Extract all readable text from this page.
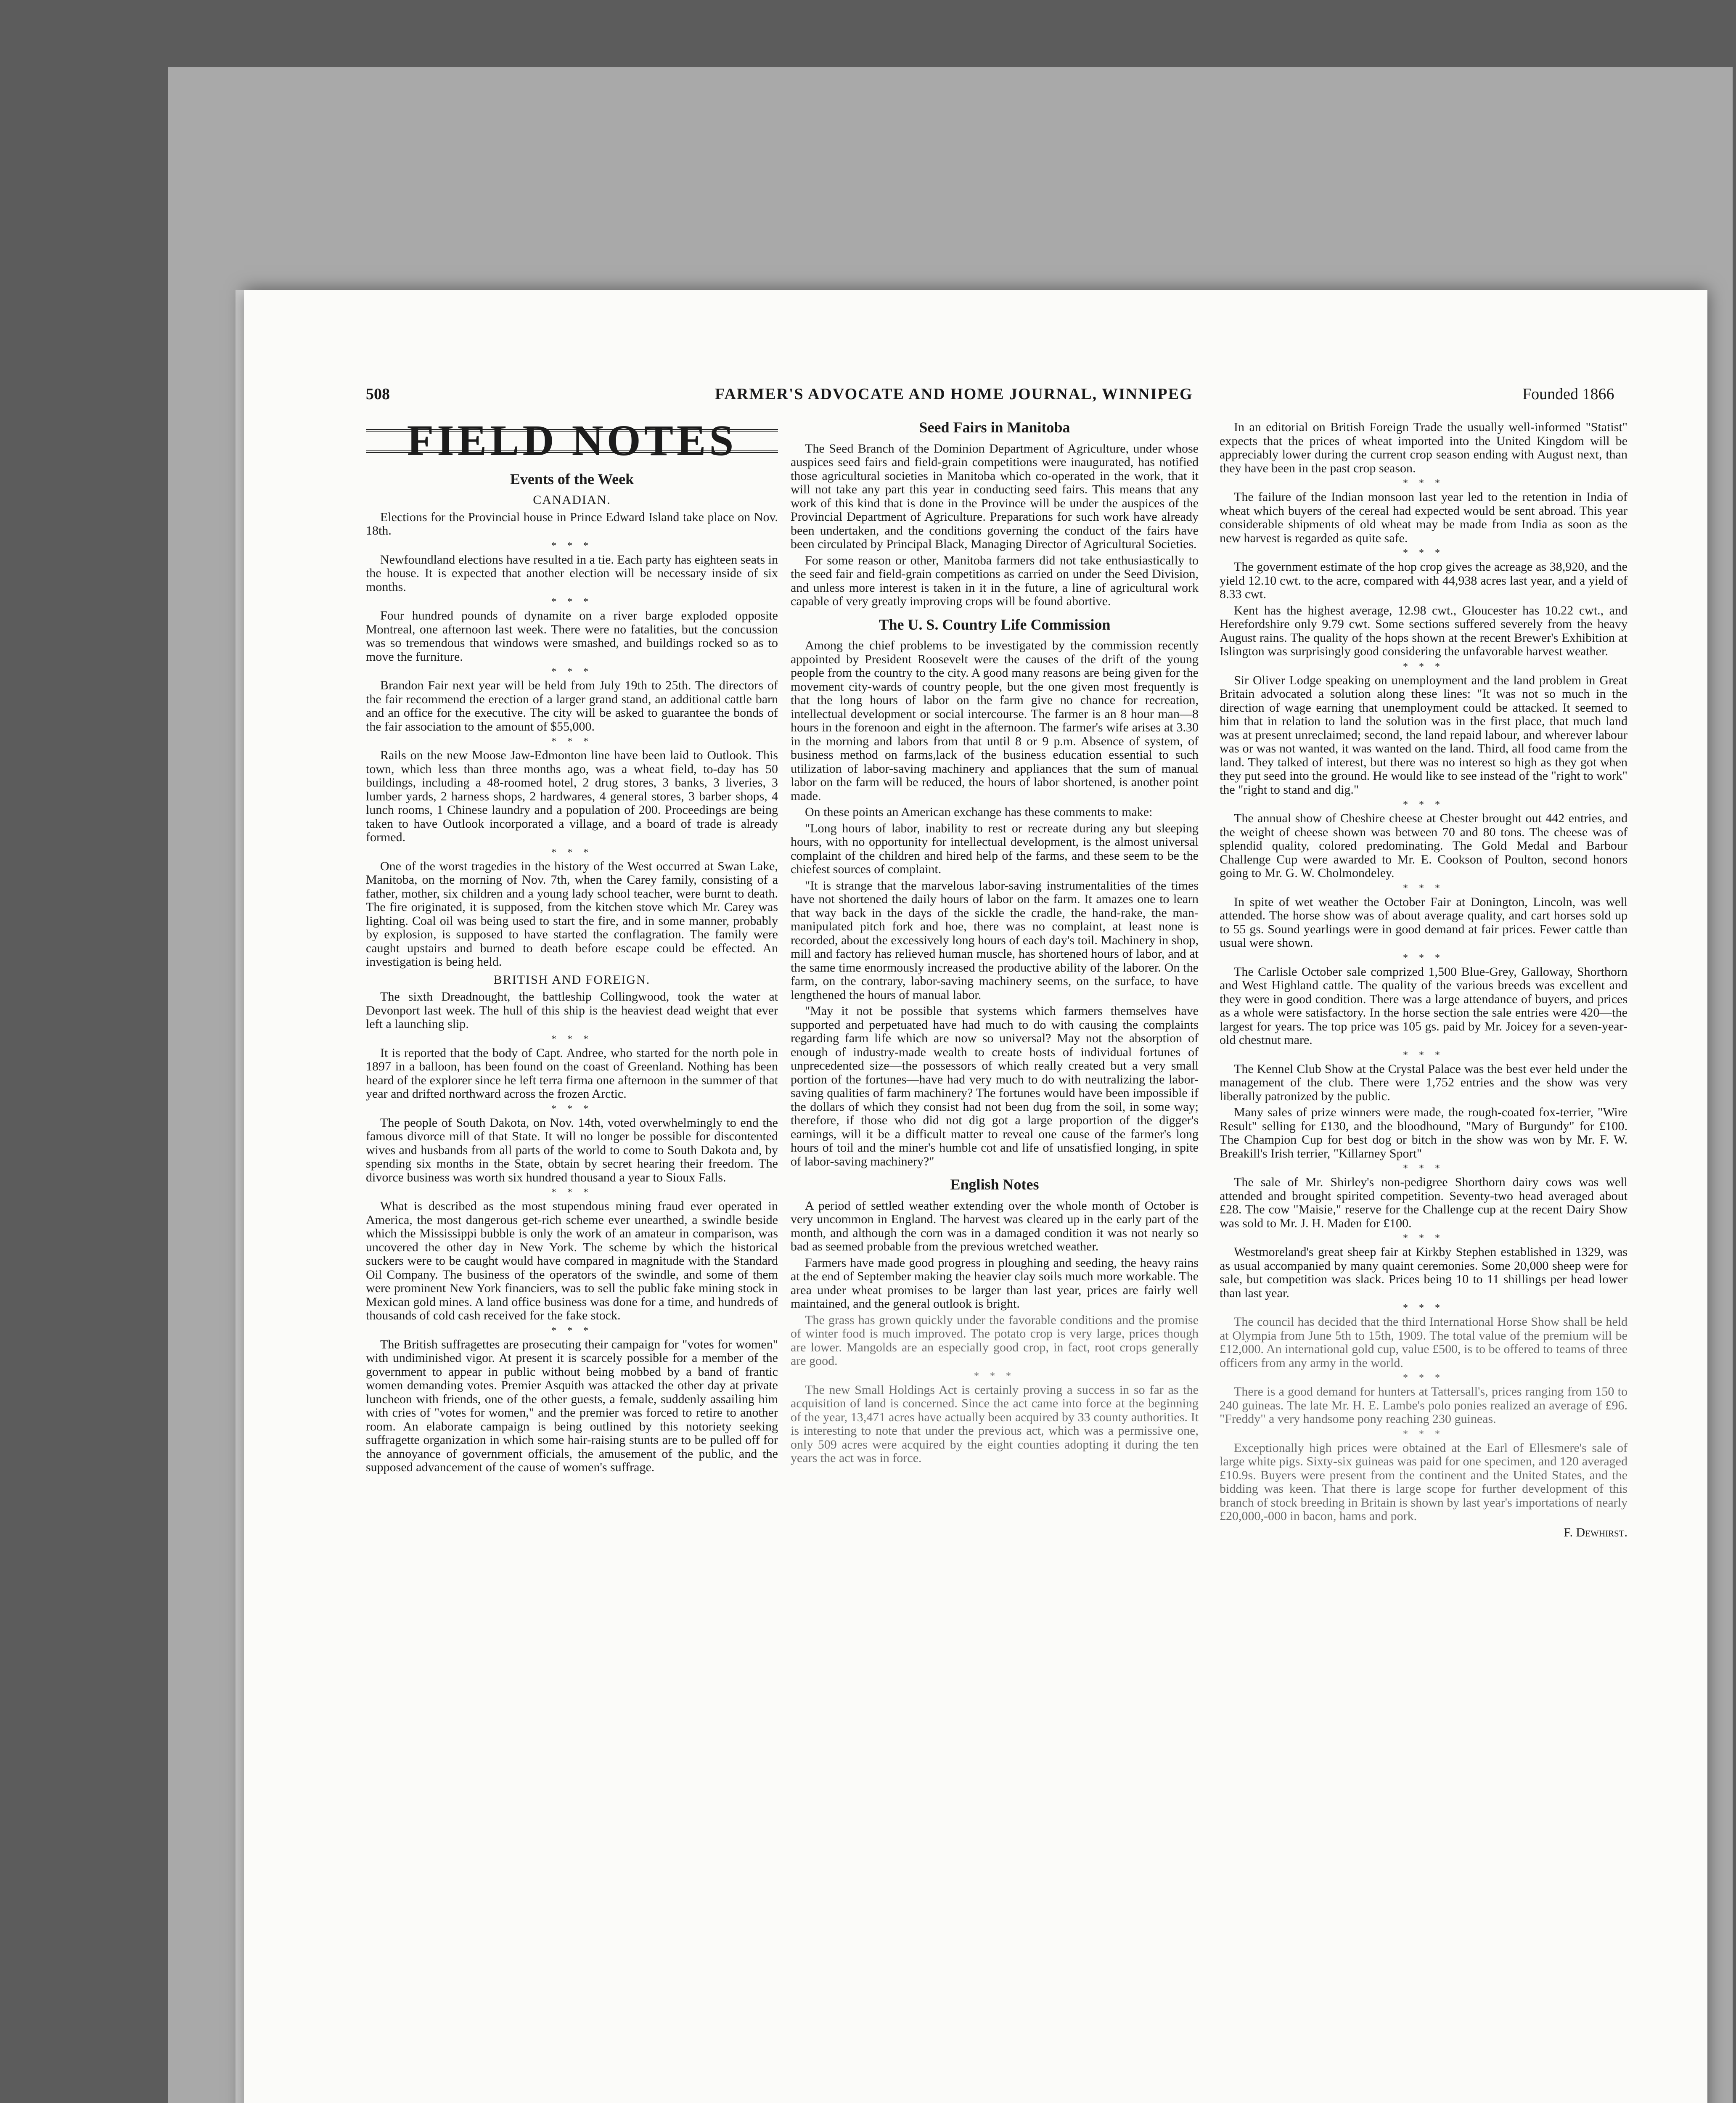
508	FARMER'S ADVOCATE AND HOME JOURNAL, WINNIPEG	Founded 1866
FIELD NOTES
Events of the Week
CANADIAN.

Elections for the Provincial house in Prince Edward Island take place on Nov. 18th.

* * *

Newfoundland elections have resulted in a tie. Each party has eighteen seats in the house. It is expected that another election will be necessary inside of six months.

* * *

Four hundred pounds of dynamite on a river barge exploded opposite Montreal, one afternoon last week. There were no fatalities, but the concussion was so tremendous that windows were smashed, and buildings rocked so as to move the furniture.

* * *

Brandon Fair next year will be held from July 19th to 25th. The directors of the fair recommend the erection of a larger grand stand, an additional cattle barn and an office for the executive. The city will be asked to guarantee the bonds of the fair association to the amount of $55,000.

* * *

Rails on the new Moose Jaw-Edmonton line have been laid to Outlook. This town, which less than three months ago, was a wheat field, to-day has 50 buildings, including a 48-roomed hotel, 2 drug stores, 3 banks, 3 liveries, 3 lumber yards, 2 harness shops, 2 hardwares, 4 general stores, 3 barber shops, 4 lunch rooms, 1 Chinese laundry and a population of 200. Proceedings are being taken to have Outlook incorporated a village, and a board of trade is already formed.

* * *

One of the worst tragedies in the history of the West occurred at Swan Lake, Manitoba, on the morning of Nov. 7th, when the Carey family, consisting of a father, mother, six children and a young lady school teacher, were burnt to death. The fire originated, it is supposed, from the kitchen stove which Mr. Carey was lighting. Coal oil was being used to start the fire, and in some manner, probably by explosion, is supposed to have started the conflagration. The family were caught upstairs and burned to death before escape could be effected. An investigation is being held.

BRITISH AND FOREIGN.

The sixth Dreadnought, the battleship Collingwood, took the water at Devonport last week. The hull of this ship is the heaviest dead weight that ever left a launching slip.

* * *

It is reported that the body of Capt. Andree, who started for the north pole in 1897 in a balloon, has been found on the coast of Greenland. Nothing has been heard of the explorer since he left terra firma one afternoon in the summer of that year and drifted northward across the frozen Arctic.

* * *

The people of South Dakota, on Nov. 14th, voted overwhelmingly to end the famous divorce mill of that State. It will no longer be possible for discontented wives and husbands from all parts of the world to come to South Dakota and, by spending six months in the State, obtain by secret hearing their freedom. The divorce business was worth six hundred thousand a year to Sioux Falls.

* * *

What is described as the most stupendous mining fraud ever operated in America, the most dangerous get-rich scheme ever unearthed, a swindle beside which the Mississippi bubble is only the work of an amateur in comparison, was uncovered the other day in New York. The scheme by which the historical suckers were to be caught would have compared in magnitude with the Standard Oil Company. The business of the operators of the swindle, and some of them were prominent New York financiers, was to sell the public fake mining stock in Mexican gold mines. A land office business was done for a time, and hundreds of thousands of cold cash received for the fake stock.

* * *

The British suffragettes are prosecuting their campaign for "votes for women" with undiminished vigor. At present it is scarcely possible for a member of the government to appear in public without being mobbed by a band of frantic women demanding votes. Premier Asquith was attacked the other day at private luncheon with friends, one of the other guests, a female, suddenly assailing him with cries of "votes for women," and the premier was forced to retire to another room. An elaborate campaign is being outlined by this notoriety seeking suffragette organization in which some hair-raising stunts are to be pulled off for the annoyance of government officials, the amusement of the public, and the supposed advancement of the cause of women's suffrage.

Seed Fairs in Manitoba

The Seed Branch of the Dominion Department of Agriculture, under whose auspices seed fairs and field-grain competitions were inaugurated, has notified those agricultural societies in Manitoba which co-operated in the work, that it will not take any part this year in conducting seed fairs. This means that any work of this kind that is done in the Province will be under the auspices of the Provincial Department of Agriculture. Preparations for such work have already been undertaken, and the conditions governing the conduct of the fairs have been circulated by Principal Black, Managing Director of Agricultural Societies.

For some reason or other, Manitoba farmers did not take enthusiastically to the seed fair and field-grain competitions as carried on under the Seed Division, and unless more interest is taken in it in the future, a line of agricultural work capable of very greatly improving crops will be found abortive.

The U. S. Country Life Commission

Among the chief problems to be investigated by the commission recently appointed by President Roosevelt were the causes of the drift of the young people from the country to the city. A good many reasons are being given for the movement city-wards of country people, but the one given most frequently is that the long hours of labor on the farm give no chance for recreation, intellectual development or social intercourse. The farmer is an 8 hour man—8 hours in the forenoon and eight in the afternoon. The farmer's wife arises at 3.30 in the morning and labors from that until 8 or 9 p.m. Absence of system, of business method on farms,lack of the business education essential to such utilization of labor-saving machinery and appliances that the sum of manual labor on the farm will be reduced, the hours of labor shortened, is another point made.

On these points an American exchange has these comments to make:

"Long hours of labor, inability to rest or recreate during any but sleeping hours, with no opportunity for intellectual development, is the almost universal complaint of the children and hired help of the farms, and these seem to be the chiefest sources of complaint.

"It is strange that the marvelous labor-saving instrumentalities of the times have not shortened the daily hours of labor on the farm. It amazes one to learn that way back in the days of the sickle the cradle, the hand-rake, the man-manipulated pitch fork and hoe, there was no complaint, at least none is recorded, about the excessively long hours of each day's toil. Machinery in shop, mill and factory has relieved human muscle, has shortened hours of labor, and at the same time enormously increased the productive ability of the laborer. On the farm, on the contrary, labor-saving machinery seems, on the surface, to have lengthened the hours of manual labor.

"May it not be possible that systems which farmers themselves have supported and perpetuated have had much to do with causing the complaints regarding farm life which are now so universal? May not the absorption of enough of industry-made wealth to create hosts of individual fortunes of unprecedented size—the possessors of which really created but a very small portion of the fortunes—have had very much to do with neutralizing the labor-saving qualities of farm machinery? The fortunes would have been impossible if the dollars of which they consist had not been dug from the soil, in some way; therefore, if those who did not dig got a large proportion of the digger's earnings, will it be a difficult matter to reveal one cause of the farmer's long hours of toil and the miner's humble cot and life of unsatisfied longing, in spite of labor-saving machinery?"

English Notes

A period of settled weather extending over the whole month of October is very uncommon in England. The harvest was cleared up in the early part of the month, and although the corn was in a damaged condition it was not nearly so bad as seemed probable from the previous wretched weather.

Farmers have made good progress in ploughing and seeding, the heavy rains at the end of September making the heavier clay soils much more workable. The area under wheat promises to be larger than last year, prices are fairly well maintained, and the general outlook is bright.

The grass has grown quickly under the favorable conditions and the promise of winter food is much improved. The potato crop is very large, prices though are lower. Mangolds are an especially good crop, in fact, root crops generally are good.

* * *

The new Small Holdings Act is certainly proving a success in so far as the acquisition of land is concerned. Since the act came into force at the beginning of the year, 13,471 acres have actually been acquired by 33 county authorities. It is interesting to note that under the previous act, which was a permissive one, only 509 acres were acquired by the eight counties adopting it during the ten years the act was in force.

In an editorial on British Foreign Trade the usually well-informed "Statist" expects that the prices of wheat imported into the United Kingdom will be appreciably lower during the current crop season ending with August next, than they have been in the past crop season.

* * *

The failure of the Indian monsoon last year led to the retention in India of wheat which buyers of the cereal had expected would be sent abroad. This year considerable shipments of old wheat may be made from India as soon as the new harvest is regarded as quite safe.

* * *

The government estimate of the hop crop gives the acreage as 38,920, and the yield 12.10 cwt. to the acre, compared with 44,938 acres last year, and a yield of 8.33 cwt.

Kent has the highest average, 12.98 cwt., Gloucester has 10.22 cwt., and Herefordshire only 9.79 cwt. Some sections suffered severely from the heavy August rains. The quality of the hops shown at the recent Brewer's Exhibition at Islington was surprisingly good considering the unfavorable harvest weather.

* * *

Sir Oliver Lodge speaking on unemployment and the land problem in Great Britain advocated a solution along these lines: "It was not so much in the direction of wage earning that unemployment could be attacked. It seemed to him that in relation to land the solution was in the first place, that much land was at present unreclaimed; second, the land repaid labour, and wherever labour was or was not wanted, it was wanted on the land. Third, all food came from the land. They talked of interest, but there was no interest so high as they got when they put seed into the ground. He would like to see instead of the "right to work" the "right to stand and dig."

* * *

The annual show of Cheshire cheese at Chester brought out 442 entries, and the weight of cheese shown was between 70 and 80 tons. The cheese was of splendid quality, colored predominating. The Gold Medal and Barbour Challenge Cup were awarded to Mr. E. Cookson of Poulton, second honors going to Mr. G. W. Cholmondeley.

* * *

In spite of wet weather the October Fair at Donington, Lincoln, was well attended. The horse show was of about average quality, and cart horses sold up to 55 gs. Sound yearlings were in good demand at fair prices. Fewer cattle than usual were shown.

* * *

The Carlisle October sale comprized 1,500 Blue-Grey, Galloway, Shorthorn and West Highland cattle. The quality of the various breeds was excellent and they were in good condition. There was a large attendance of buyers, and prices as a whole were satisfactory. In the horse section the sale entries were 420—the largest for years. The top price was 105 gs. paid by Mr. Joicey for a seven-year-old chestnut mare.

* * *

The Kennel Club Show at the Crystal Palace was the best ever held under the management of the club. There were 1,752 entries and the show was very liberally patronized by the public.

Many sales of prize winners were made, the rough-coated fox-terrier, "Wire Result" selling for £130, and the bloodhound, "Mary of Burgundy" for £100. The Champion Cup for best dog or bitch in the show was won by Mr. F. W. Breakill's Irish terrier, "Killarney Sport"

* * *

The sale of Mr. Shirley's non-pedigree Shorthorn dairy cows was well attended and brought spirited competition. Seventy-two head averaged about £28. The cow "Maisie," reserve for the Challenge cup at the recent Dairy Show was sold to Mr. J. H. Maden for £100.

* * *

Westmoreland's great sheep fair at Kirkby Stephen established in 1329, was as usual accompanied by many quaint ceremonies. Some 20,000 sheep were for sale, but competition was slack. Prices being 10 to 11 shillings per head lower than last year.

* * *

The council has decided that the third International Horse Show shall be held at Olympia from June 5th to 15th, 1909. The total value of the premium will be £12,000. An international gold cup, value £500, is to be offered to teams of three officers from any army in the world.

* * *

There is a good demand for hunters at Tattersall's, prices ranging from 150 to 240 guineas. The late Mr. H. E. Lambe's polo ponies realized an average of £96. "Freddy" a very handsome pony reaching 230 guineas.

* * *

Exceptionally high prices were obtained at the Earl of Ellesmere's sale of large white pigs. Sixty-six guineas was paid for one specimen, and 120 averaged £10.9s. Buyers were present from the continent and the United States, and the bidding was keen. That there is large scope for further development of this branch of stock breeding in Britain is shown by last year's importations of nearly £20,000,-000 in bacon, hams and pork.

F. Dewhirst.
